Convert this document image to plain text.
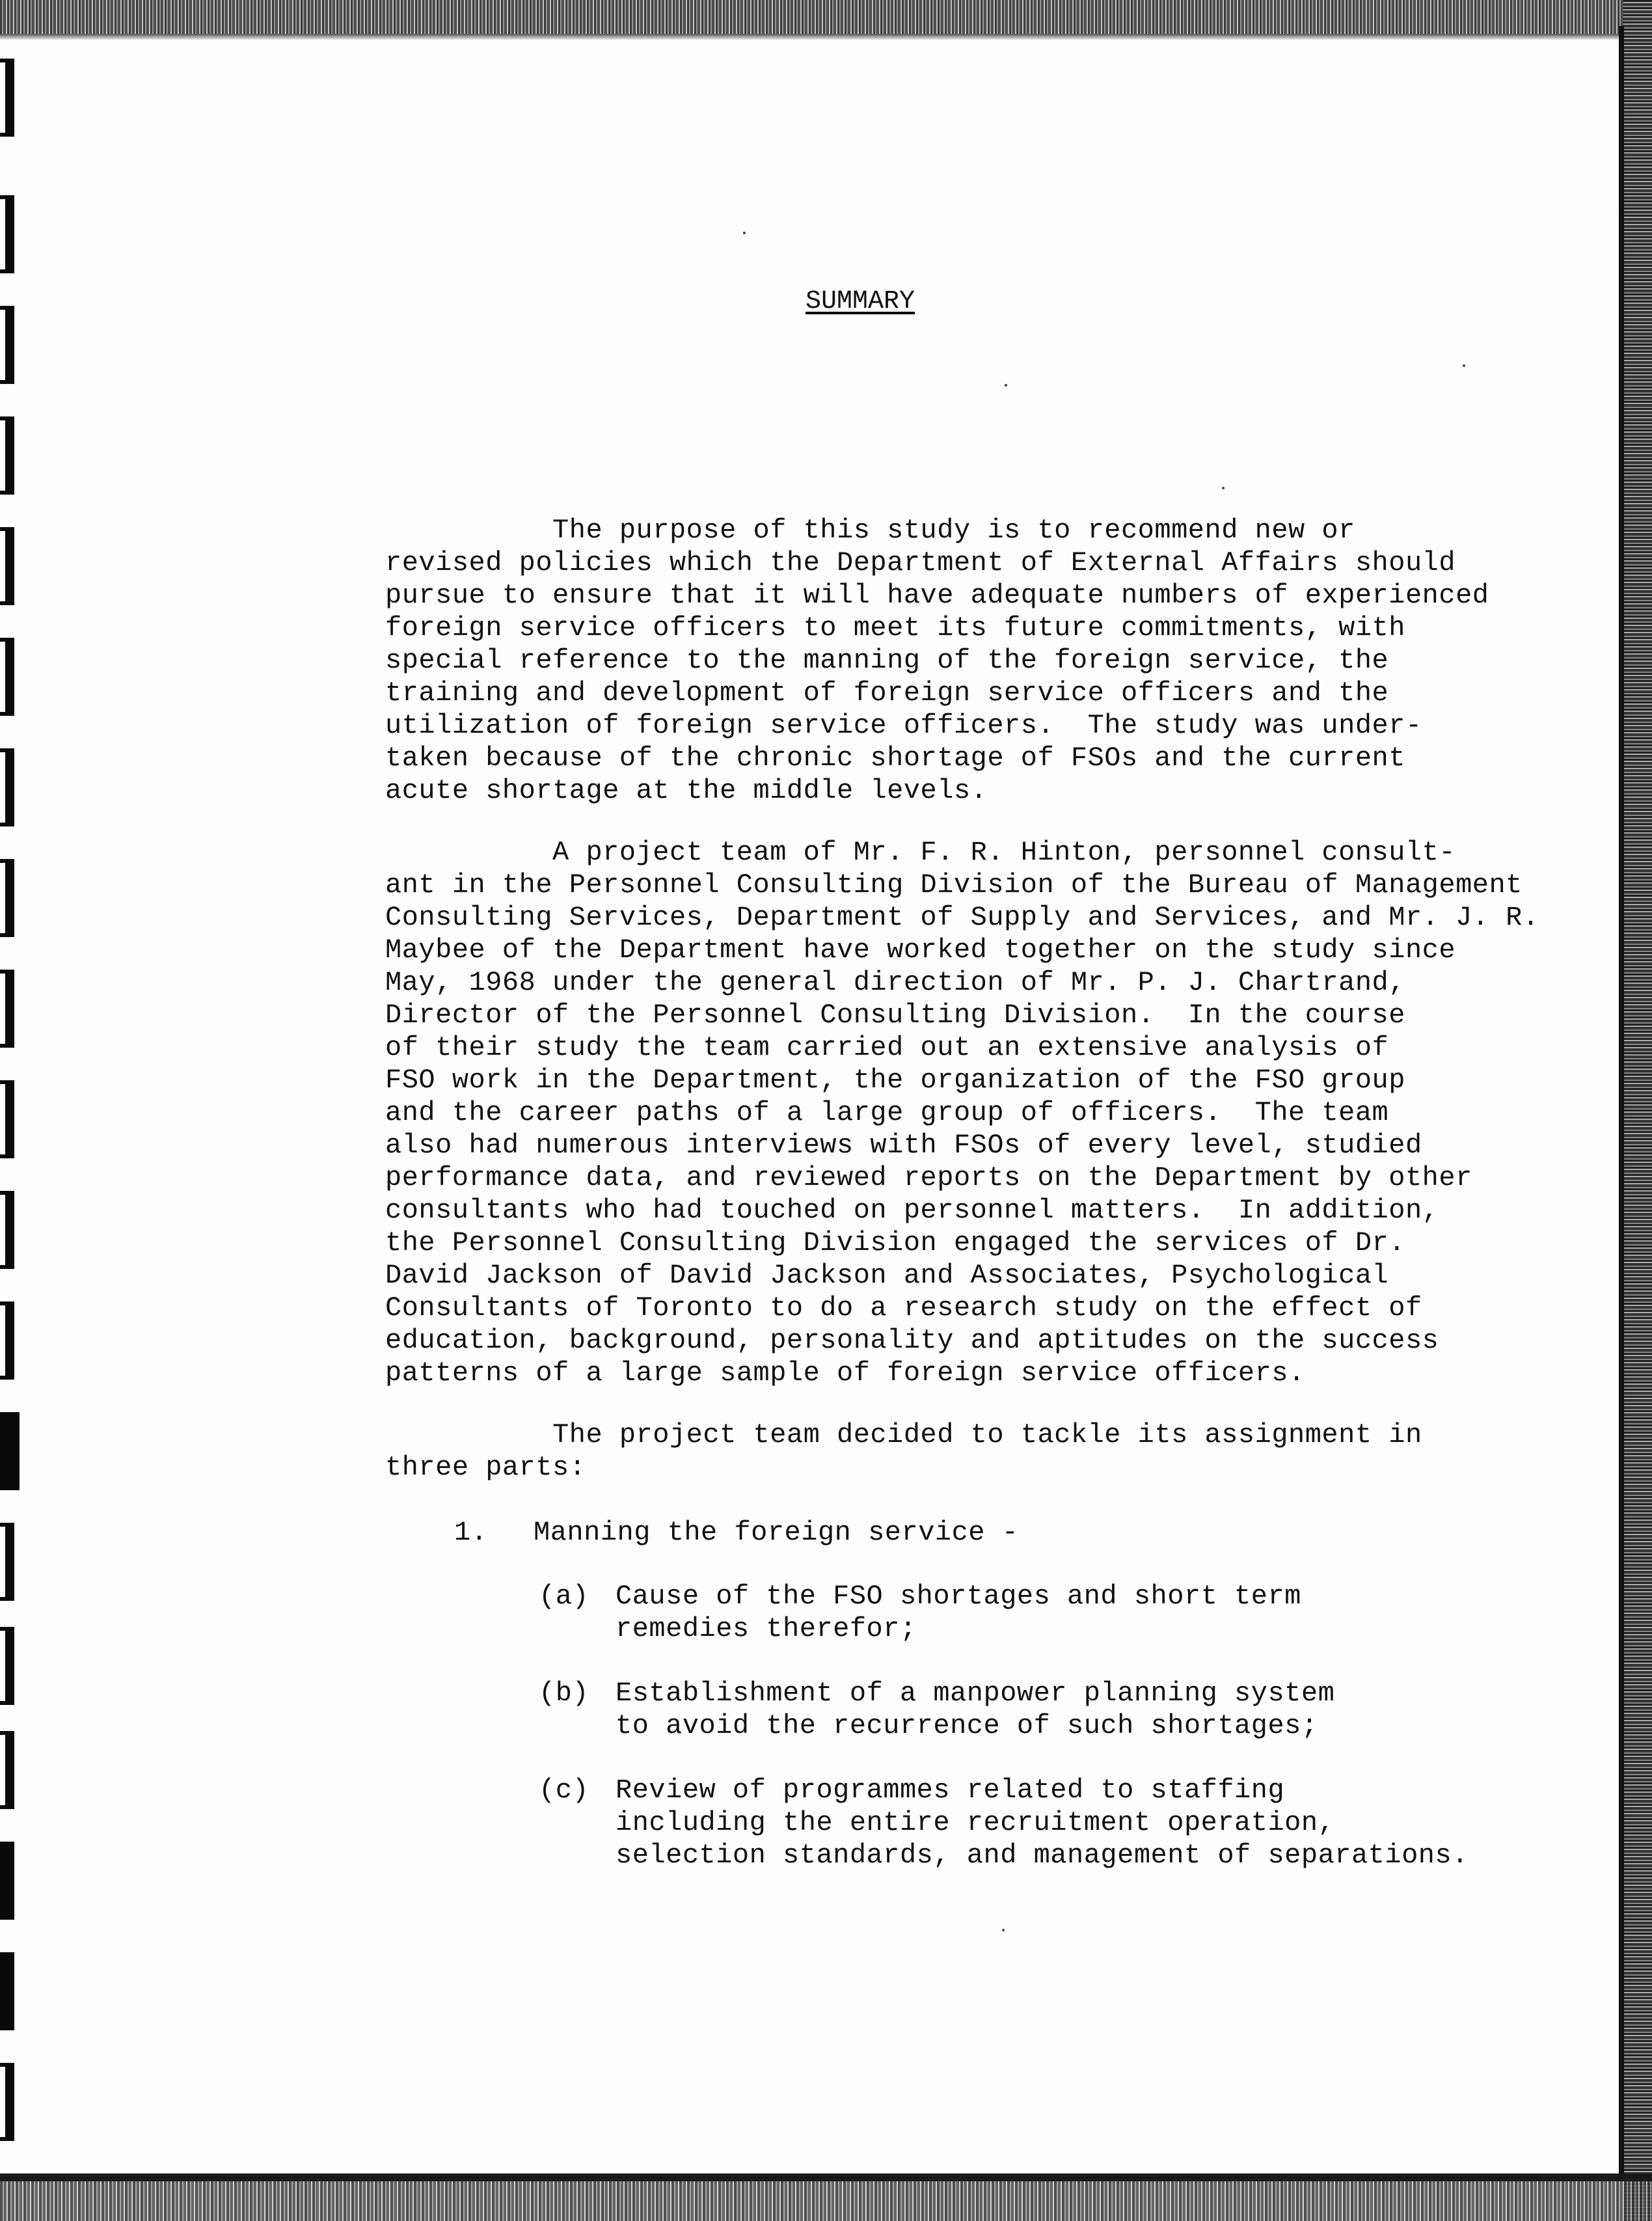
SUMMARY
The purpose of this study is to recommend new or
revised policies which the Department of External Affairs should
pursue to ensure that it will have adequate numbers of experienced
foreign service officers to meet its future commitments, with
special reference to the manning of the foreign service, the
training and development of foreign service officers and the
utilization of foreign service officers.  The study was under-
taken because of the chronic shortage of FSOs and the current
acute shortage at the middle levels.
A project team of Mr. F. R. Hinton, personnel consult-
ant in the Personnel Consulting Division of the Bureau of Management
Consulting Services, Department of Supply and Services, and Mr. J. R.
Maybee of the Department have worked together on the study since
May, 1968 under the general direction of Mr. P. J. Chartrand,
Director of the Personnel Consulting Division.  In the course
of their study the team carried out an extensive analysis of
FSO work in the Department, the organization of the FSO group
and the career paths of a large group of officers.  The team
also had numerous interviews with FSOs of every level, studied
performance data, and reviewed reports on the Department by other
consultants who had touched on personnel matters.  In addition,
the Personnel Consulting Division engaged the services of Dr.
David Jackson of David Jackson and Associates, Psychological
Consultants of Toronto to do a research study on the effect of
education, background, personality and aptitudes on the success
patterns of a large sample of foreign service officers.
The project team decided to tackle its assignment in
three parts:
1. Manning the foreign service -
(a) Cause of the FSO shortages and short term
remedies therefor;
(b) Establishment of a manpower planning system
to avoid the recurrence of such shortages;
(c) Review of programmes related to staffing
including the entire recruitment operation,
selection standards, and management of separations.
